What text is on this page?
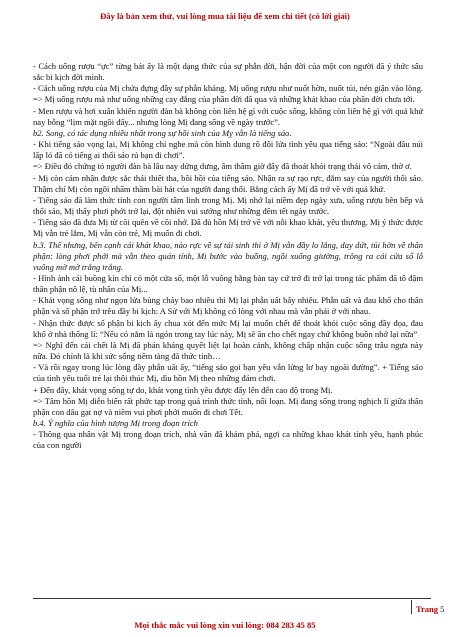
Đây là bản xem thử, vui lòng mua tài liệu để xem chi tiết (có lời giải)

- Cách uống rượu “ực” từng bát ấy là một dạng thức của sự phẫn đời, hận đời của một con người đã ý thức sâu sắc bi kịch đời mình.

- Cách uống rượu của Mị chứa đựng đầy sự phẫn kháng. Mị uống rượu như nuốt hờn, nuốt tủi, nén giận vào lòng. => Mị uống rượu mà như uống những cay đắng của phần đời đã qua và những khát khao của phần đời chưa tới.

- Men rượu và hơi xuân khiến người đàn bà không còn liên hệ gì với cuộc sống, không còn liên hệ gì với quá khứ nay bỗng “lịm mặt ngồi đấy... nhưng lòng Mị đang sống về ngày trước”.

b2. Song, có tác dụng nhiều nhất trong sự hồi sinh của Mỵ vẫn là tiếng sáo.

- Khi tiếng sáo vọng lại, Mị không chỉ nghe mà còn hình dung rõ đôi lứa tình yêu qua tiếng sáo: “Ngoài đầu núi lấp ló đã có tiếng ai thổi sáo rủ bạn đi chơi”.

=> Điều đó chứng tỏ người đàn bà lâu nay dửng dưng, âm thầm giờ đây đã thoát khỏi trạng thái vô cảm, thờ ơ.

- Mị còn cảm nhận được sắc thái thiết tha, bồi hồi của tiếng sáo. Nhận ra sự rạo rực, đắm say của người thổi sáo. Thậm chí Mị còn ngồi nhẩm thầm bài hát của người đang thổi. Bằng cách ấy Mị đã trở về với quá khứ.

- Tiếng sáo đã làm thức tỉnh con người tâm linh trong Mị. Mị nhớ lại niềm đẹp ngày xưa, uống rượu bên bếp và thổi sáo, Mị thấy phơi phới trở lại, đột nhiên vui sướng như những đêm tết ngày trước.

- Tiếng sáo đã đưa Mị từ cõi quên về cõi nhớ. Đã đủ hồn Mị trở về với nỗi khao khát, yêu thương. Mị ý thức được Mị vẫn trẻ lắm, Mị vẫn còn trẻ, Mị muốn đi chơi.

b.3. Thế nhưng, bên cạnh cái khát khao, nào rực về sự tái sinh thì ở Mị vẫn đầy lo lắng, day dứt, tủi hờn về thân phận: lòng phơi phới mà vẫn theo quán tính, Mị bước vào buồng, ngồi xuống giường, trông ra cái cửa sổ lỗ vuông mờ mờ trắng trắng.

- Hình ảnh cái buồng kín chỉ có một cửa sổ, một lỗ vuông bằng bàn tay cứ trở đi trở lại trong tác phẩm đã tô đậm thân phận nô lệ, tù nhân của Mị...

- Khát vọng sống như ngọn lửa bùng cháy bao nhiêu thì Mị lại phẫn uất bấy nhiêu. Phẫn uất và đau khổ cho thân phận và số phận trớ trêu đầy bi kịch: A Sử với Mị không có lòng với nhau mà vẫn phải ở với nhau.

- Nhận thức được số phận bi kịch ấy chua xót đến mức Mị lại muốn chết để thoát khỏi cuộc sống đầy đọa, đau khổ ở nhà thống lí: “Nếu có nắm lá ngón trong tay lúc này, Mị sẽ ăn cho chết ngay chứ không buồn nhớ lại nữa”

=> Nghĩ đến cái chết là Mị đã phản kháng quyết liệt lại hoàn cảnh, không chấp nhận cuộc sống trâu ngựa này nữa. Đó chính là khi sức sống tiềm tàng đã thức tỉnh…

- Và rồi ngay trong lúc lòng đầy phẫn uất ấy, “tiếng sáo gọi bạn yêu vẫn lửng lơ bay ngoài đường”. + Tiếng sáo của tình yêu tuổi trẻ lại thôi thúc Mị, dìu hồn Mị theo những đám chơi.

+ Đến đây, khát vọng sống tự do, khát vọng tình yêu được đẩy lên đến cao độ trong Mị.

=> Tâm hồn Mị diễn biến rất phức tạp trong quá trình thức tỉnh, nổi loạn. Mị đang sống trong nghịch lí giữa thân phận con dâu gạt nợ và niềm vui phơi phới muốn đi chơi Tết.

b.4. Ý nghĩa của hình tượng Mị trong đoạn trích

- Thông qua nhân vật Mị trong đoạn trích, nhà văn đã khám phá, ngợi ca những khao khát tình yêu, hạnh phúc của con người

Trang 5
Mọi thắc mắc vui lòng xin vui lòng: 084 283 45 85
